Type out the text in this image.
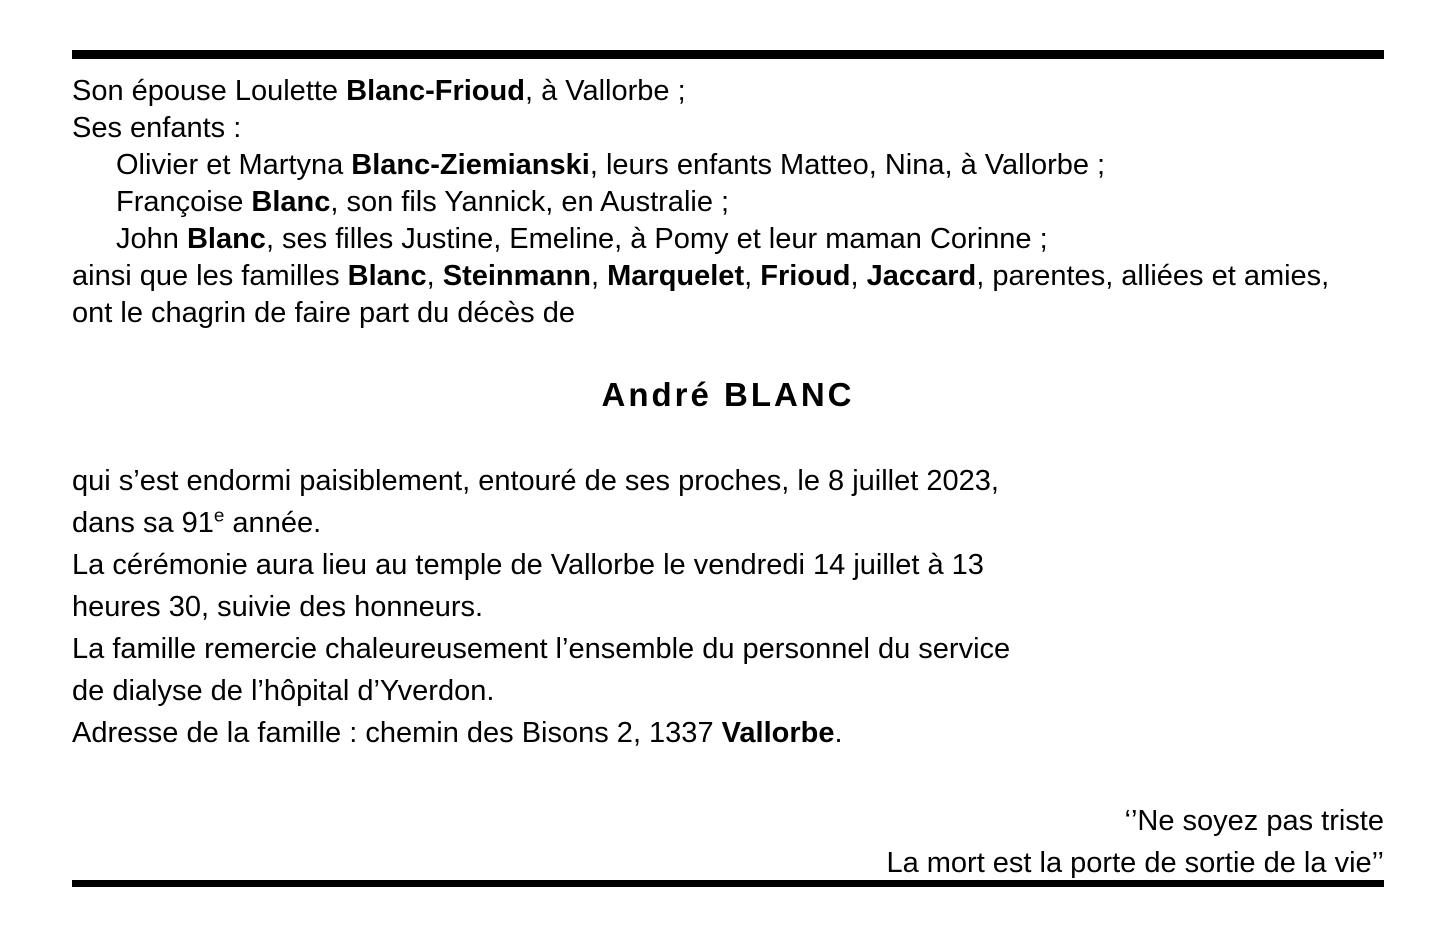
Son épouse Loulette Blanc-Frioud, à Vallorbe ;
Ses enfants :
Olivier et Martyna Blanc-Ziemianski, leurs enfants Matteo, Nina, à Vallorbe ;
Françoise Blanc, son fils Yannick, en Australie ;
John Blanc, ses filles Justine, Emeline, à Pomy et leur maman Corinne ;
ainsi que les familles Blanc, Steinmann, Marquelet, Frioud, Jaccard, parentes, alliées et amies,
ont le chagrin de faire part du décès de
André BLANC
qui s’est endormi paisiblement, entouré de ses proches, le 8 juillet 2023,
dans sa 91e année.
La cérémonie aura lieu au temple de Vallorbe le vendredi 14 juillet à 13
heures 30, suivie des honneurs.
La famille remercie chaleureusement l’ensemble du personnel du service
de dialyse de l’hôpital d’Yverdon.
Adresse de la famille : chemin des Bisons 2, 1337 Vallorbe.
‘’Ne soyez pas triste
La mort est la porte de sortie de la vie’’
